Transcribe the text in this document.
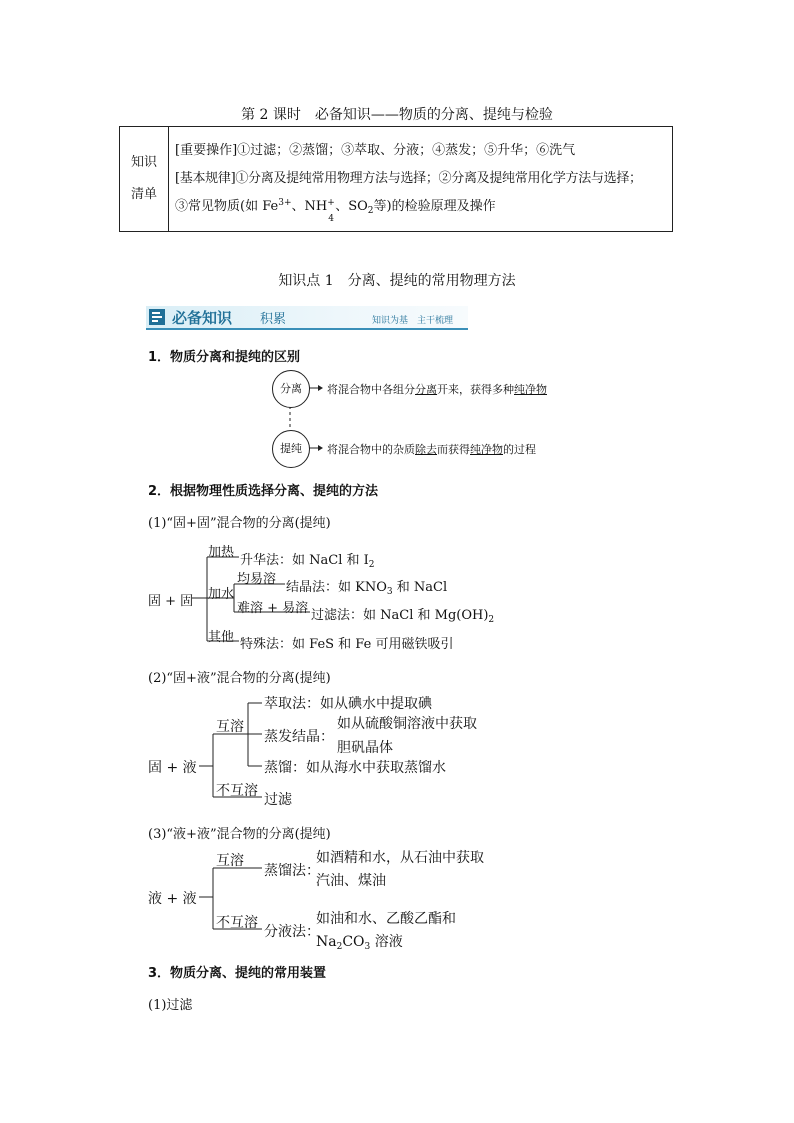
第 2 课时　必备知识——物质的分离、提纯与检验
知识
清单

[重要操作]①过滤；②蒸馏；③萃取、分液；④蒸发；⑤升华；⑥洗气
[基本规律]①分离及提纯常用物理方法与选择；②分离及提纯常用化学方法与选择；
③常见物质(如 $Fe^{3+}$、NH +
4
、$SO_2$等)的检验原理及操作
知识点 1　分离、提纯的常用物理方法
必备知识 积累	知识为基　主干梳理
1．物质分离和提纯的区别
分离	将混合物中各组分分离开来，获得多种纯净物
提纯	将混合物中的杂质除去而获得纯净物的过程
2．根据物理性质选择分离、提纯的方法
(1)“固+固”混合物的分离(提纯)
固 + 固
加热
升华法：如 NaCl 和 $I_2$
加水
均易溶
结晶法：如 $KNO_3$ 和 NaCl
难溶 + 易溶 过滤法：如 NaCl 和 $Mg(OH)_2$
其他 特殊法：如 FeS 和 Fe 可用磁铁吸引
(2)“固+液”混合物的分离(提纯)
固 + 液
互溶
萃取法：如从碘水中提取碘
蒸发结晶：
如从硫酸铜溶液中获取
胆矾晶体
蒸馏：如从海水中获取蒸馏水
不互溶
过滤
(3)“液+液”混合物的分离(提纯)
液 + 液
互溶
蒸馏法：
如酒精和水，从石油中获取
汽油、煤油
不互溶
分液法：
如油和水、乙酸乙酯和
$Na_2CO_3$ 溶液
3．物质分离、提纯的常用装置
(1)过滤
